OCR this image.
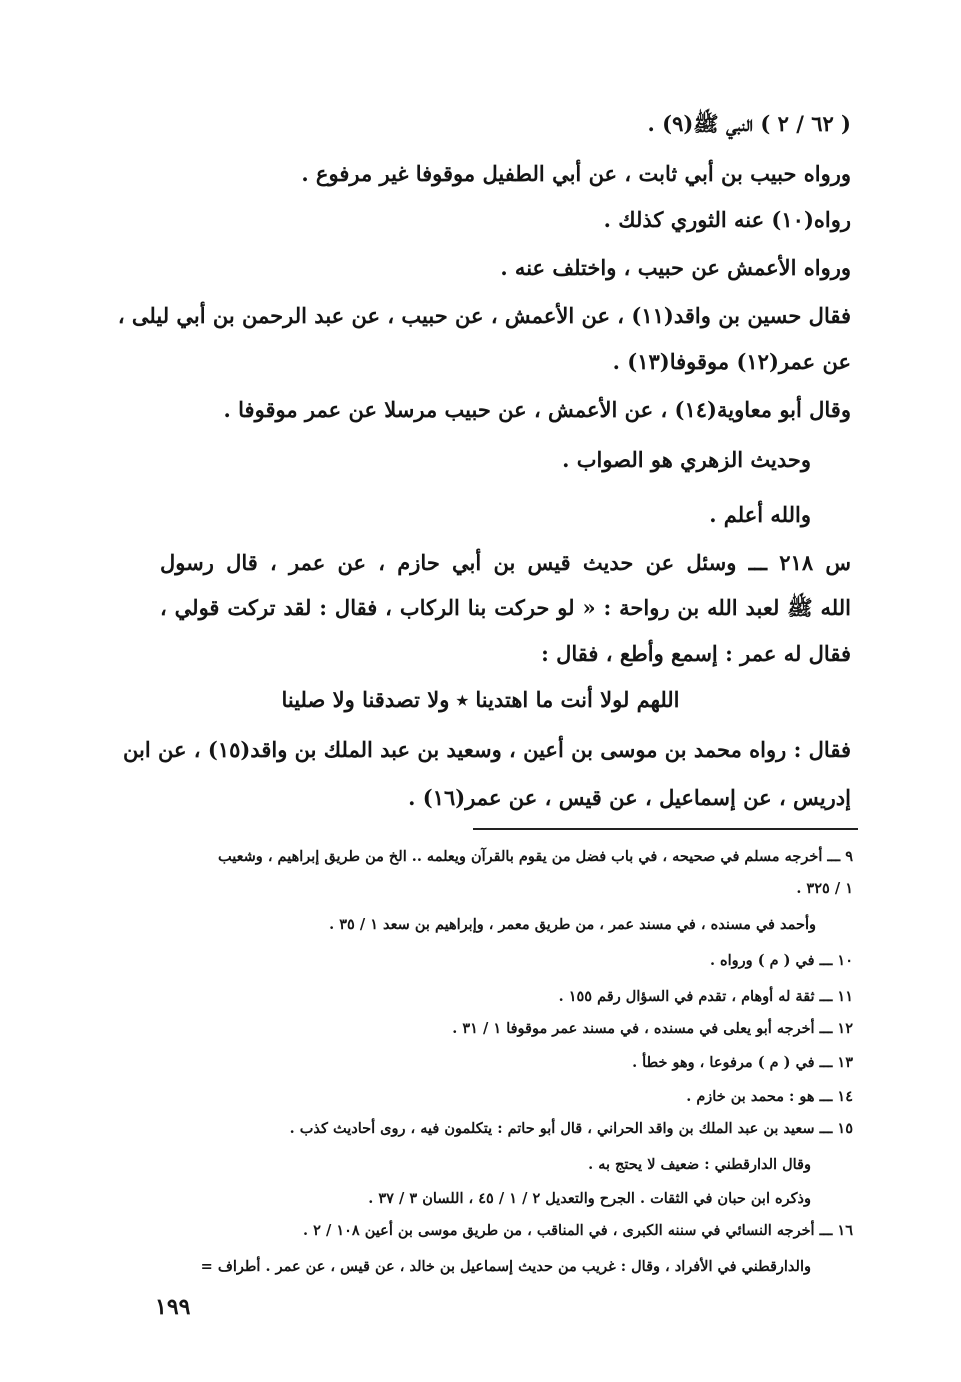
( ٦٢ / ٢ ) النبي ﷺ(٩) .
ورواه حبيب بن أبي ثابت ، عن أبي الطفيل موقوفا غير مرفوع .
رواه(١٠) عنه الثوري كذلك .
ورواه الأعمش عن حبيب ، واختلف عنه .
فقال حسين بن واقد(١١) ، عن الأعمش ، عن حبيب ، عن عبد الرحمن بن أبي ليلى ،
عن عمر(١٢) موقوفا(١٣) .
وقال أبو معاوية(١٤) ، عن الأعمش ، عن حبيب مرسلا عن عمر موقوفا .
وحديث الزهري هو الصواب .
والله أعلم .
س ٢١٨ ـــ وسئل عن حديث قيس بن أبي حازم ، عن عمر ، قال رسول
الله ﷺ لعبد الله بن رواحة : « لو حركت بنا الركاب ، فقال : لقد تركت قولي ،
فقال له عمر : إسمع وأطع ، فقال :
اللهم لولا أنت ما اهتدينا ٭ ولا تصدقنا ولا صلينا
فقال : رواه محمد بن موسى بن أعين ، وسعيد بن عبد الملك بن واقد(١٥) ، عن ابن
إدريس ، عن إسماعيل ، عن قيس ، عن عمر(١٦) .
٩ ـــ أخرجه مسلم في صحيحه ، في باب فضل من يقوم بالقرآن ويعلمه .. الخ من طريق إبراهيم ، وشعيب
١ / ٣٢٥ .
وأحمد في مسنده ، في مسند عمر ، من طريق معمر ، وإبراهيم بن سعد ١ / ٣٥ .
١٠ ـــ في ( م ) ورواه .
١١ ـــ ثقة له أوهام ، تقدم في السؤال رقم ١٥٥ .
١٢ ـــ أخرجه أبو يعلى في مسنده ، في مسند عمر موقوفا ١ / ٣١ .
١٣ ـــ في ( م ) مرفوعا ، وهو خطأ .
١٤ ـــ هو : محمد بن خازم .
١٥ ـــ سعيد بن عبد الملك بن واقد الحراني ، قال أبو حاتم : يتكلمون فيه ، روى أحاديث كذب .
وقال الدارقطني : ضعيف لا يحتج به .
وذكره ابن حبان في الثقات . الجرح والتعديل ٢ / ١ / ٤٥ ، اللسان ٣ / ٣٧ .
١٦ ـــ أخرجه النسائي في سننه الكبرى ، في المناقب ، من طريق موسى بن أعين ١٠٨ / ٢ .
والدارقطني في الأفراد ، وقال : غريب من حديث إسماعيل بن خالد ، عن قيس ، عن عمر . أطراف =
١٩٩
